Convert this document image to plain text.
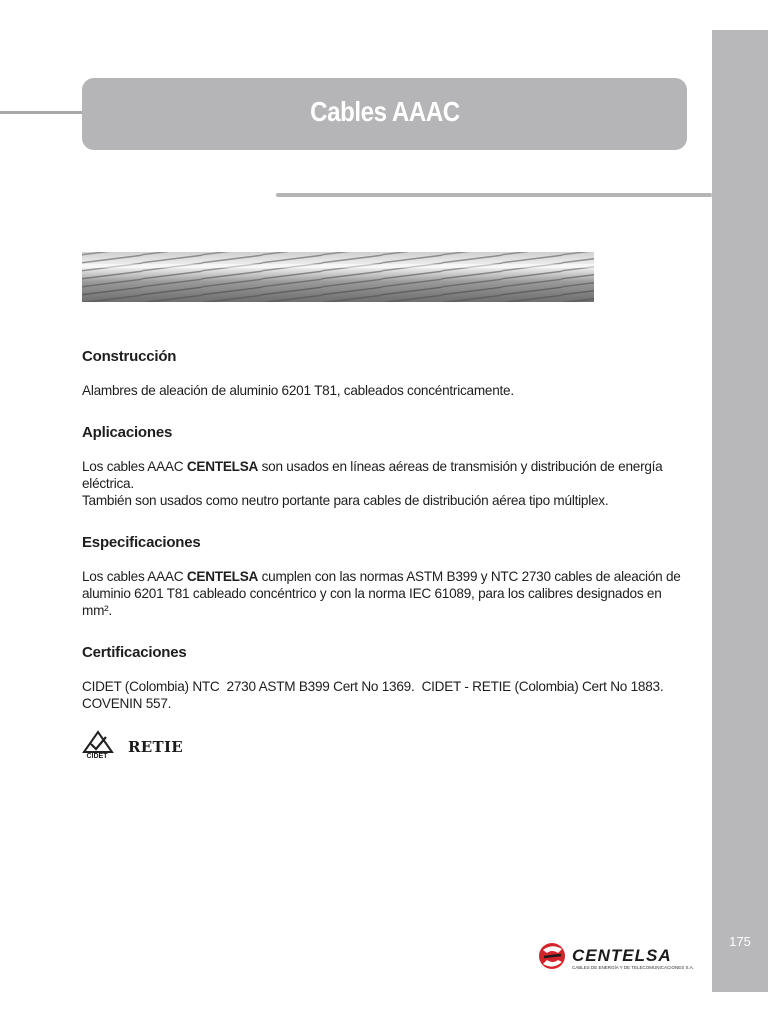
175
Cables AAAC
Construcción

Alambres de aleación de aluminio 6201 T81, cableados concéntricamente.

Aplicaciones

Los cables AAAC CENTELSA son usados en líneas aéreas de transmisión y distribución de energía eléctrica.
También son usados como neutro portante para cables de distribución aérea tipo múltiplex.

Especificaciones

Los cables AAAC CENTELSA cumplen con las normas ASTM B399 y NTC 2730 cables de aleación de
aluminio 6201 T81 cableado concéntrico y con la norma IEC 61089, para los calibres designados en
mm².

Certificaciones

CIDET (Colombia) NTC  2730 ASTM B399 Cert No 1369.  CIDET - RETIE (Colombia) Cert No 1883.
COVENIN 557.

CIDET
RETIE
CENTELSA
CABLES DE ENERGÍA Y DE TELECOMUNICACIONES S.A.
